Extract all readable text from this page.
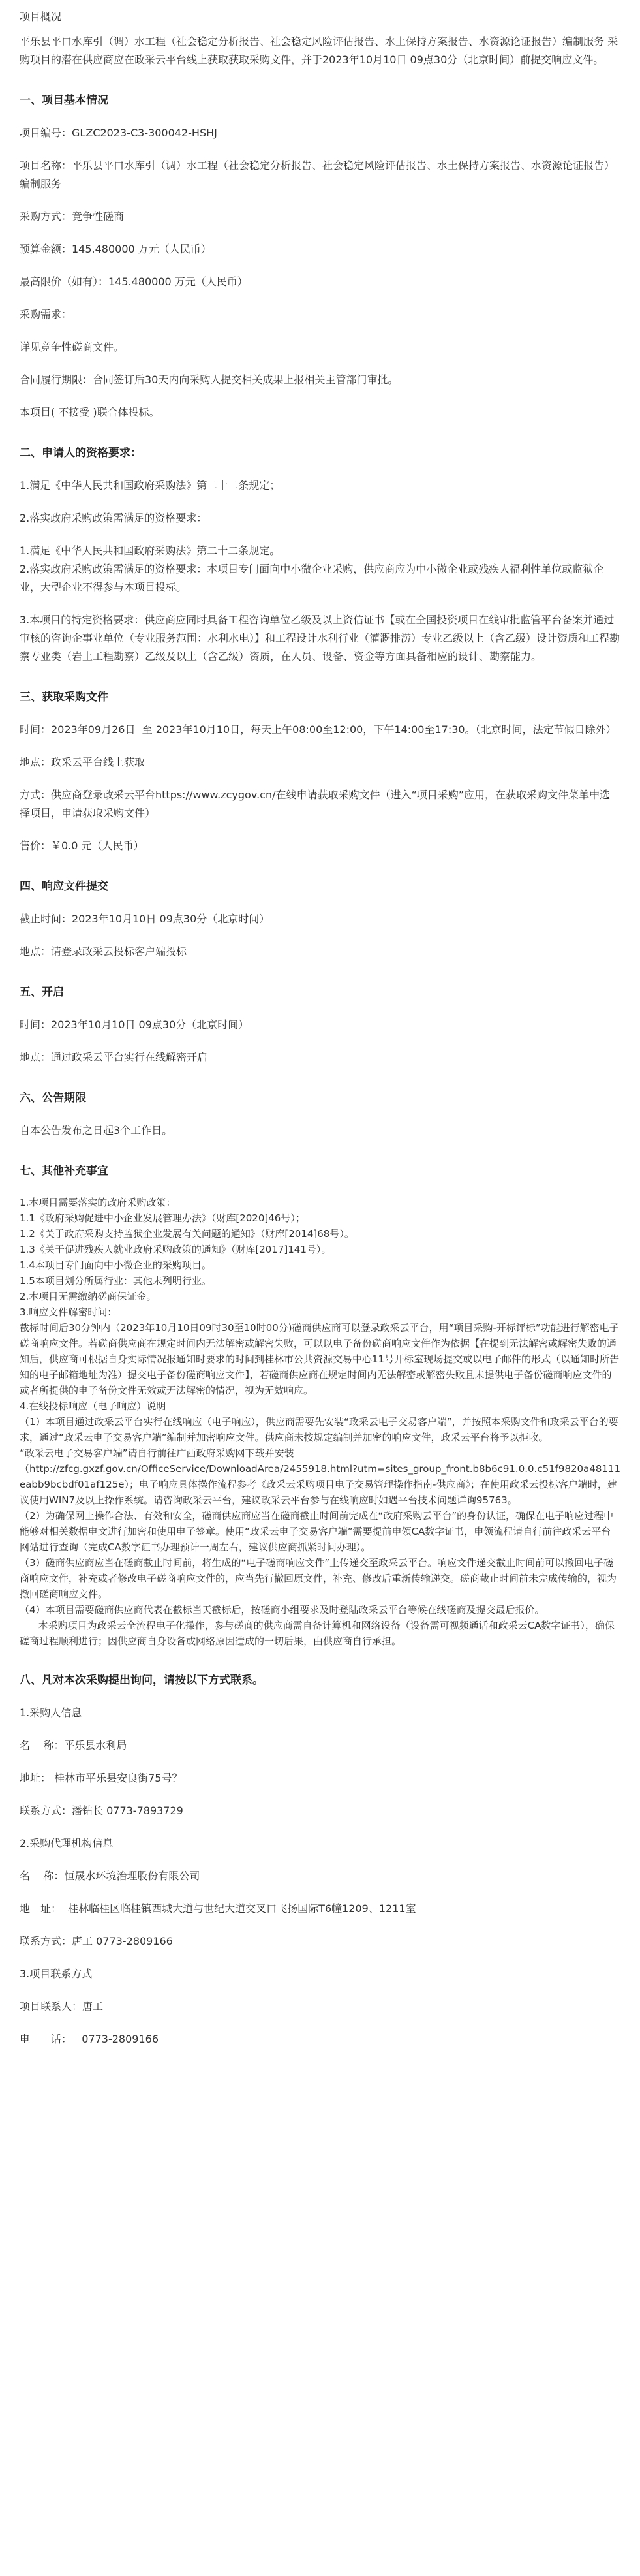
项目概况

平乐县平口水库引（调）水工程（社会稳定分析报告、社会稳定风险评估报告、水土保持方案报告、水资源论证报告）编制服务 采购项目的潜在供应商应在政采云平台线上获取获取采购文件，并于2023年10月10日 09点30分（北京时间）前提交响应文件。

一、项目基本情况

项目编号：GLZC2023-C3-300042-HSHJ

项目名称：平乐县平口水库引（调）水工程（社会稳定分析报告、社会稳定风险评估报告、水土保持方案报告、水资源论证报告）编制服务

采购方式：竞争性磋商

预算金额：145.480000 万元（人民币）

最高限价（如有）：145.480000 万元（人民币）

采购需求：

详见竞争性磋商文件。

合同履行期限：合同签订后30天内向采购人提交相关成果上报相关主管部门审批。

本项目( 不接受 )联合体投标。

二、申请人的资格要求：

1.满足《中华人民共和国政府采购法》第二十二条规定；

2.落实政府采购政策需满足的资格要求：

1.满足《中华人民共和国政府采购法》第二十二条规定。
2.落实政府采购政策需满足的资格要求：本项目专门面向中小微企业采购，供应商应为中小微企业或残疾人福利性单位或监狱企业，大型企业不得参与本项目投标。

3.本项目的特定资格要求：供应商应同时具备工程咨询单位乙级及以上资信证书【或在全国投资项目在线审批监管平台备案并通过审核的咨询企事业单位（专业服务范围：水利水电）】和工程设计水利行业（灌溉排涝）专业乙级以上（含乙级）设计资质和工程勘察专业类（岩土工程勘察）乙级及以上（含乙级）资质，在人员、设备、资金等方面具备相应的设计、勘察能力。

三、获取采购文件

时间：2023年09月26日  至 2023年10月10日，每天上午08:00至12:00，下午14:00至17:30。（北京时间，法定节假日除外）

地点：政采云平台线上获取

方式：供应商登录政采云平台https://www.zcygov.cn/在线申请获取采购文件（进入“项目采购”应用，在获取采购文件菜单中选择项目，申请获取采购文件）

售价：￥0.0 元（人民币）

四、响应文件提交

截止时间：2023年10月10日 09点30分（北京时间）

地点：请登录政采云投标客户端投标

五、开启

时间：2023年10月10日 09点30分（北京时间）

地点：通过政采云平台实行在线解密开启

六、公告期限

自本公告发布之日起3个工作日。

七、其他补充事宜

1.本项目需要落实的政府采购政策：
1.1《政府采购促进中小企业发展管理办法》（财库[2020]46号）；
1.2《关于政府采购支持监狱企业发展有关问题的通知》（财库[2014]68号）。
1.3《关于促进残疾人就业政府采购政策的通知》（财库[2017]141号）。
1.4本项目专门面向中小微企业的采购项目。
1.5本项目划分所属行业：其他未列明行业。
2.本项目无需缴纳磋商保证金。
3.响应文件解密时间：
截标时间后30分钟内（2023年10月10日09时30至10时00分)磋商供应商可以登录政采云平台，用“项目采购-开标评标”功能进行解密电子磋商响应文件。若磋商供应商在规定时间内无法解密或解密失败，可以以电子备份磋商响应文件作为依据【在提到无法解密或解密失败的通知后，供应商可根据自身实际情况报通知时要求的时间到桂林市公共资源交易中心11号开标室现场提交或以电子邮件的形式（以通知时所告知的电子邮箱地址为准）提交电子备份磋商响应文件】，若磋商供应商在规定时间内无法解密或解密失败且未提供电子备份磋商响应文件的或者所提供的电子备份文件无效或无法解密的情况，视为无效响应。
4.在线投标响应（电子响应）说明
（1）本项目通过政采云平台实行在线响应（电子响应），供应商需要先安装“政采云电子交易客户端”，并按照本采购文件和政采云平台的要求，通过“政采云电子交易客户端”编制并加密响应文件。供应商未按规定编制并加密的响应文件，政采云平台将予以拒收。
“政采云电子交易客户端”请自行前往广西政府采购网下载并安装
（http://zfcg.gxzf.gov.cn/OfficeService/DownloadArea/2455918.html?utm=sites_group_front.b8b6c91.0.0.c51f9820a48111eabb9bcbdf01af125e）；电子响应具体操作流程参考《政采云采购项目电子交易管理操作指南-供应商》；在使用政采云投标客户端时，建议使用WIN7及以上操作系统。请咨询政采云平台，建议政采云平台参与在线响应时如遇平台技术问题详询95763。
（2）为确保网上操作合法、有效和安全，磋商供应商应当在磋商截止时间前完成在“政府采购云平台”的身份认证，确保在电子响应过程中能够对相关数据电文进行加密和使用电子签章。使用“政采云电子交易客户端”需要提前申领CA数字证书，申领流程请自行前往政采云平台网站进行查询（完成CA数字证书办理预计一周左右，建议供应商抓紧时间办理）。
（3）磋商供应商应当在磋商截止时间前，将生成的“电子磋商响应文件”上传递交至政采云平台。响应文件递交截止时间前可以撤回电子磋商响应文件，补充或者修改电子磋商响应文件的，应当先行撤回原文件，补充、修改后重新传输递交。磋商截止时间前未完成传输的，视为撤回磋商响应文件。
（4）本项目需要磋商供应商代表在截标当天截标后，按磋商小组要求及时登陆政采云平台等候在线磋商及提交最后报价。
本采购项目为政采云全流程电子化操作，参与磋商的供应商需自备计算机和网络设备（设备需可视频通话和政采云CA数字证书），确保磋商过程顺利进行；因供应商自身设备或网络原因造成的一切后果，由供应商自行承担。

八、凡对本次采购提出询问，请按以下方式联系。

1.采购人信息

名    称：平乐县水利局

地址： 桂林市平乐县安良街75号？

联系方式：潘钻长 0773-7893729

2.采购代理机构信息

名    称：恒晟水环境治理股份有限公司

地　址：  桂林临桂区临桂镇西城大道与世纪大道交叉口飞扬国际T6幢1209、1211室

联系方式：唐工 0773-2809166

3.项目联系方式

项目联系人：唐工

电　　话：   0773-2809166
